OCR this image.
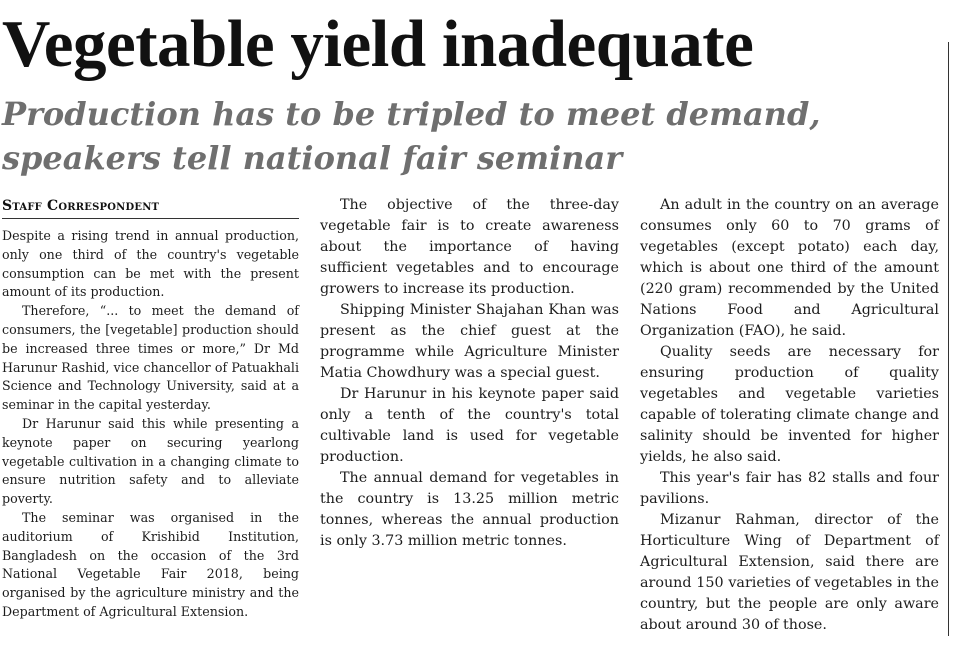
Vegetable yield inadequate
Production has to be tripled to meet demand,
speakers tell national fair seminar
Staff Correspondent

Despite a rising trend in annual production, only one third of the country's vegetable consumption can be met with the present amount of its production.

Therefore, “... to meet the demand of consumers, the [vegetable] production should be increased three times or more,” Dr Md Harunur Rashid, vice chancellor of Patuakhali Science and Technology University, said at a seminar in the capital yesterday.

Dr Harunur said this while presenting a keynote paper on securing yearlong vegetable cultivation in a changing climate to ensure nutrition safety and to alleviate poverty.

The seminar was organised in the auditorium of Krishibid Institution, Bangladesh on the occasion of the 3rd National Vegetable Fair 2018, being organised by the agriculture ministry and the Department of Agricultural Extension.

The objective of the three-day vegetable fair is to create awareness about the importance of having sufficient vegetables and to encourage growers to increase its production.

Shipping Minister Shajahan Khan was present as the chief guest at the programme while Agriculture Minister Matia Chowdhury was a special guest.

Dr Harunur in his keynote paper said only a tenth of the country's total cultivable land is used for vegetable production.

The annual demand for vegetables in the country is 13.25 million metric tonnes, whereas the annual production is only 3.73 million metric tonnes.

An adult in the country on an average consumes only 60 to 70 grams of vegetables (except potato) each day, which is about one third of the amount (220 gram) recommended by the United Nations Food and Agricultural Organization (FAO), he said.

Quality seeds are necessary for ensuring production of quality vegetables and vegetable varieties capable of tolerating climate change and salinity should be invented for higher yields, he also said.

This year's fair has 82 stalls and four pavilions.

Mizanur Rahman, director of the Horticulture Wing of Department of Agricultural Extension, said there are around 150 varieties of vegetables in the country, but the people are only aware about around 30 of those.
